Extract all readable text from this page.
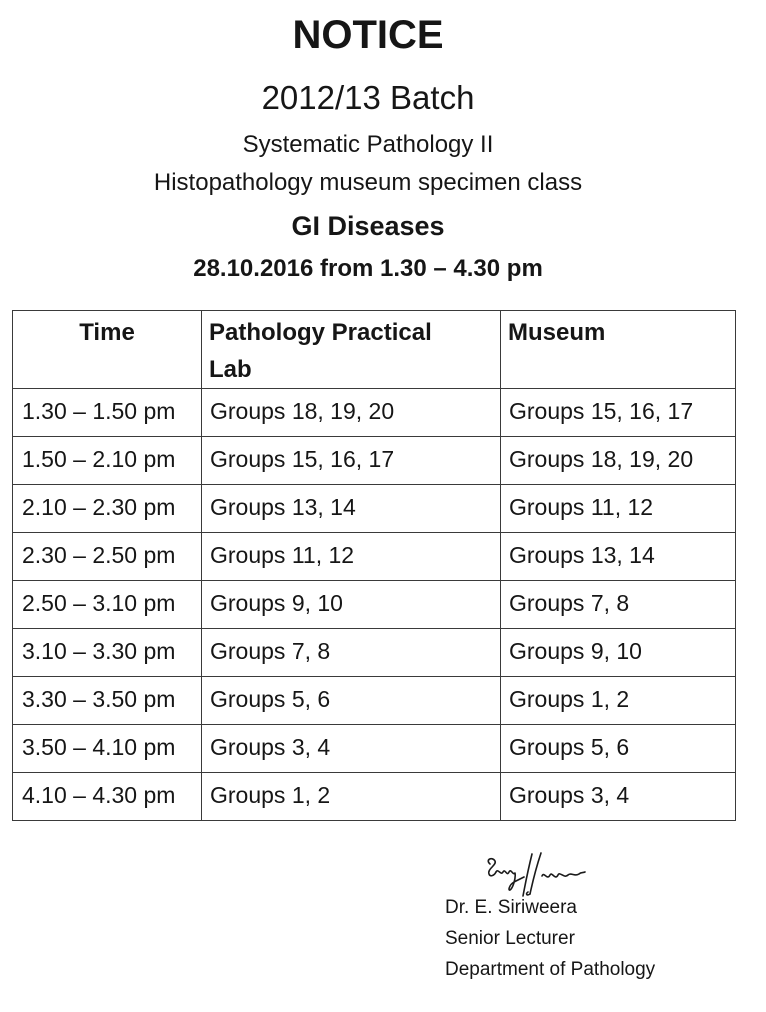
NOTICE
2012/13 Batch
Systematic Pathology II
Histopathology museum specimen class
GI Diseases
28.10.2016 from 1.30 – 4.30 pm
Time	Pathology Practical Lab	Museum
1.30 – 1.50 pm	Groups 18, 19, 20	Groups 15, 16, 17
1.50 – 2.10 pm	Groups 15, 16, 17	Groups 18, 19, 20
2.10 – 2.30 pm	Groups 13, 14	Groups 11, 12
2.30 – 2.50 pm	Groups 11, 12	Groups 13, 14
2.50 – 3.10 pm	Groups 9, 10	Groups 7, 8
3.10 – 3.30 pm	Groups 7, 8	Groups 9, 10
3.30 – 3.50 pm	Groups 5, 6	Groups 1, 2
3.50 – 4.10 pm	Groups 3, 4	Groups 5, 6
4.10 – 4.30 pm	Groups 1, 2	Groups 3, 4
Dr. E. Siriweera
Senior Lecturer
Department of Pathology
